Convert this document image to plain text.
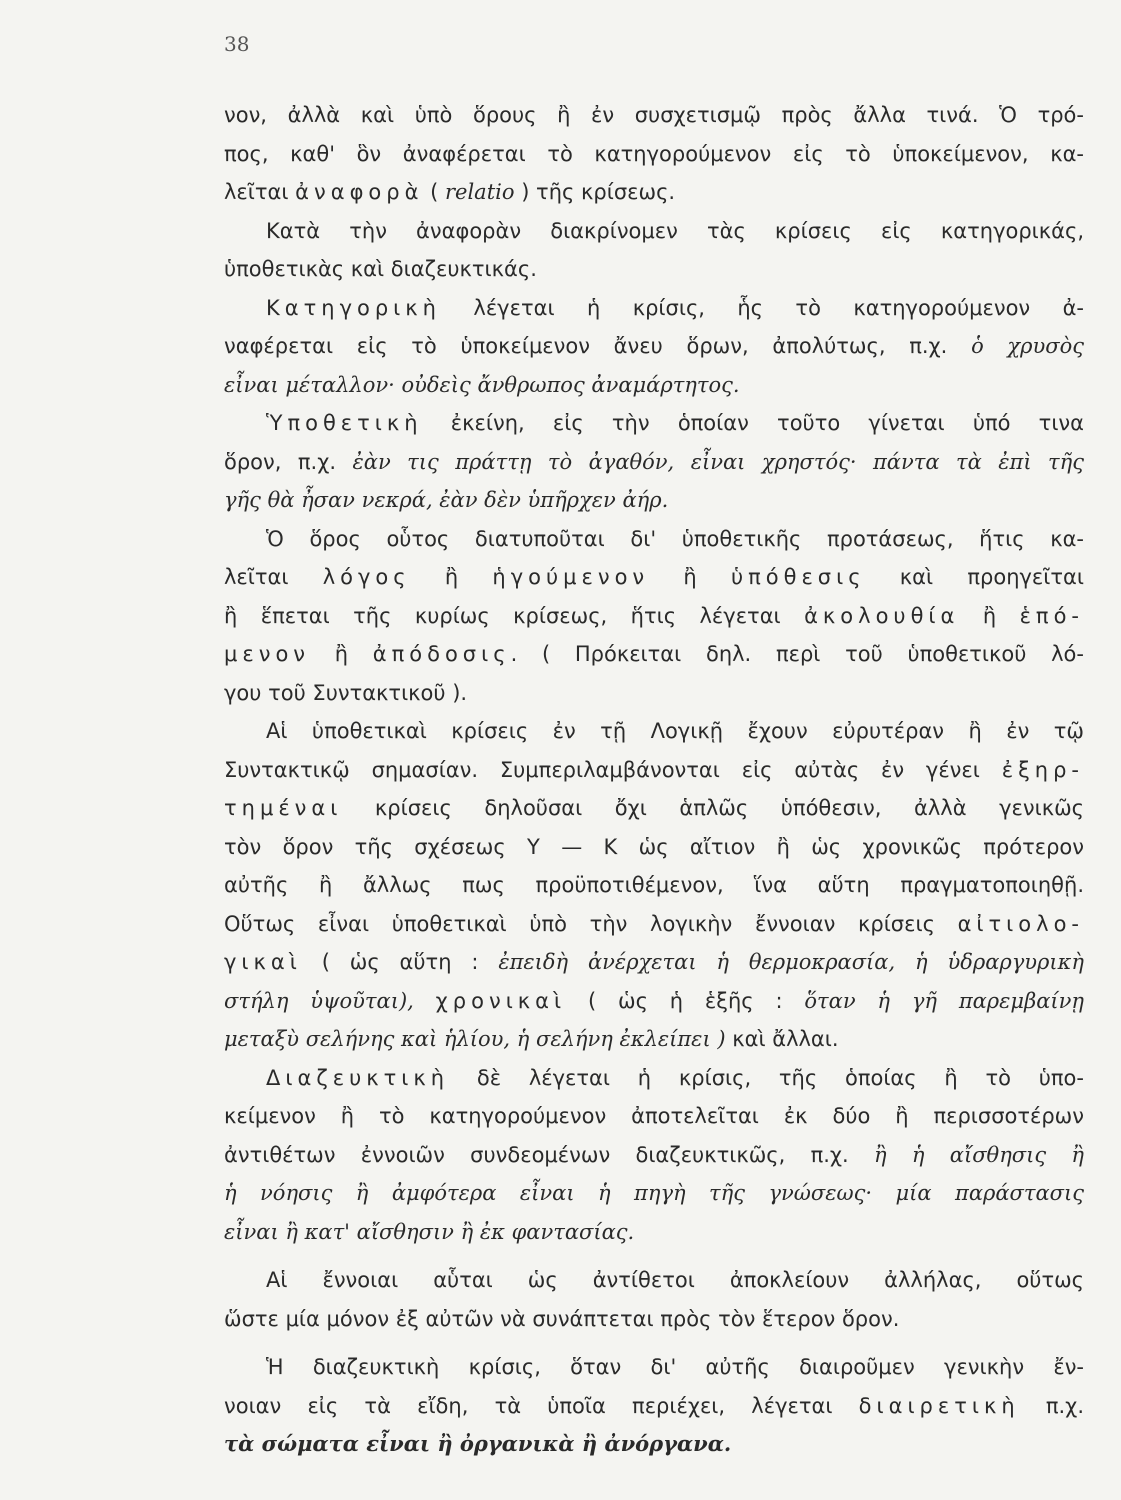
38
νον, ἀλλὰ καὶ ὑπὸ ὅρους ἢ ἐν συσχετισμῷ πρὸς ἄλλα τινά. Ὁ τρό-
πος, καθ' ὃν ἀναφέρεται τὸ κατηγορούμενον εἰς τὸ ὑποκείμενον, κα-
λεῖται ἀναφορὰ ( relatio ) τῆς κρίσεως.
  Κατὰ τὴν ἀναφορὰν διακρίνομεν τὰς κρίσεις εἰς κατηγορικάς,
ὑποθετικὰς καὶ διαζευκτικάς.
  Κατηγορικὴ λέγεται ἡ κρίσις, ἧς τὸ κατηγορούμενον ἀ-
ναφέρεται εἰς τὸ ὑποκείμενον ἄνευ ὅρων, ἀπολύτως, π.χ. ὁ χρυσὸς
εἶναι μέταλλον· οὐδεὶς ἄνθρωπος ἀναμάρτητος.
  Ὑποθετικὴ ἐκείνη, εἰς τὴν ὁποίαν τοῦτο γίνεται ὑπό τινα
ὅρον, π.χ. ἐὰν τις πράττῃ τὸ ἀγαθόν, εἶναι χρηστός· πάντα τὰ ἐπὶ τῆς
γῆς θὰ ἦσαν νεκρά, ἐὰν δὲν ὑπῆρχεν ἀήρ.
  Ὁ ὅρος οὗτος διατυποῦται δι' ὑποθετικῆς προτάσεως, ἥτις κα-
λεῖται λόγος ἢ ἡγούμενον ἢ ὑπόθεσις καὶ προηγεῖται
ἢ ἕπεται τῆς κυρίως κρίσεως, ἥτις λέγεται ἀκολουθία ἢ ἑπό-
μενον ἢ ἀπόδοσις. ( Πρόκειται δηλ. περὶ τοῦ ὑποθετικοῦ λό-
γου τοῦ Συντακτικοῦ ).
  Αἱ ὑποθετικαὶ κρίσεις ἐν τῇ Λογικῇ ἔχουν εὐρυτέραν ἢ ἐν τῷ
Συντακτικῷ σημασίαν. Συμπεριλαμβάνονται εἰς αὐτὰς ἐν γένει ἐξηρ-
τημέναι κρίσεις δηλοῦσαι ὄχι ἁπλῶς ὑπόθεσιν, ἀλλὰ γενικῶς
τὸν ὅρον τῆς σχέσεως Υ — Κ ὡς αἴτιον ἢ ὡς χρονικῶς πρότερον
αὐτῆς ἢ ἄλλως πως προϋποτιθέμενον, ἵνα αὕτη πραγματοποιηθῇ.
Οὕτως εἶναι ὑποθετικαὶ ὑπὸ τὴν λογικὴν ἔννοιαν κρίσεις αἰτιολο-
γικαὶ ( ὡς αὕτη : ἐπειδὴ ἀνέρχεται ἡ θερμοκρασία, ἡ ὑδραργυρικὴ
στήλη ὑψοῦται), χρονικαὶ ( ὡς ἡ ἑξῆς : ὅταν ἡ γῆ παρεμβαίνῃ
μεταξὺ σελήνης καὶ ἡλίου, ἡ σελήνη ἐκλείπει ) καὶ ἄλλαι.
  Διαζευκτικὴ δὲ λέγεται ἡ κρίσις, τῆς ὁποίας ἢ τὸ ὑπο-
κείμενον ἢ τὸ κατηγορούμενον ἀποτελεῖται ἐκ δύο ἢ περισσοτέρων
ἀντιθέτων ἐννοιῶν συνδεομένων διαζευκτικῶς, π.χ. ἢ ἡ αἴσθησις ἢ
ἡ νόησις ἢ ἀμφότερα εἶναι ἡ πηγὴ τῆς γνώσεως· μία παράστασις
εἶναι ἢ κατ' αἴσθησιν ἢ ἐκ φαντασίας.
  Αἱ ἔννοιαι αὗται ὡς ἀντίθετοι ἀποκλείουν ἀλλήλας, οὕτως
ὥστε μία μόνον ἐξ αὐτῶν νὰ συνάπτεται πρὸς τὸν ἕτερον ὅρον.
  Ἡ διαζευκτικὴ κρίσις, ὅταν δι' αὐτῆς διαιροῦμεν γενικὴν ἔν-
νοιαν εἰς τὰ εἴδη, τὰ ὑποῖα περιέχει, λέγεται διαιρετικὴ π.χ.
τὰ σώματα εἶναι ἢ ὀργανικὰ ἢ ἀνόργανα.
